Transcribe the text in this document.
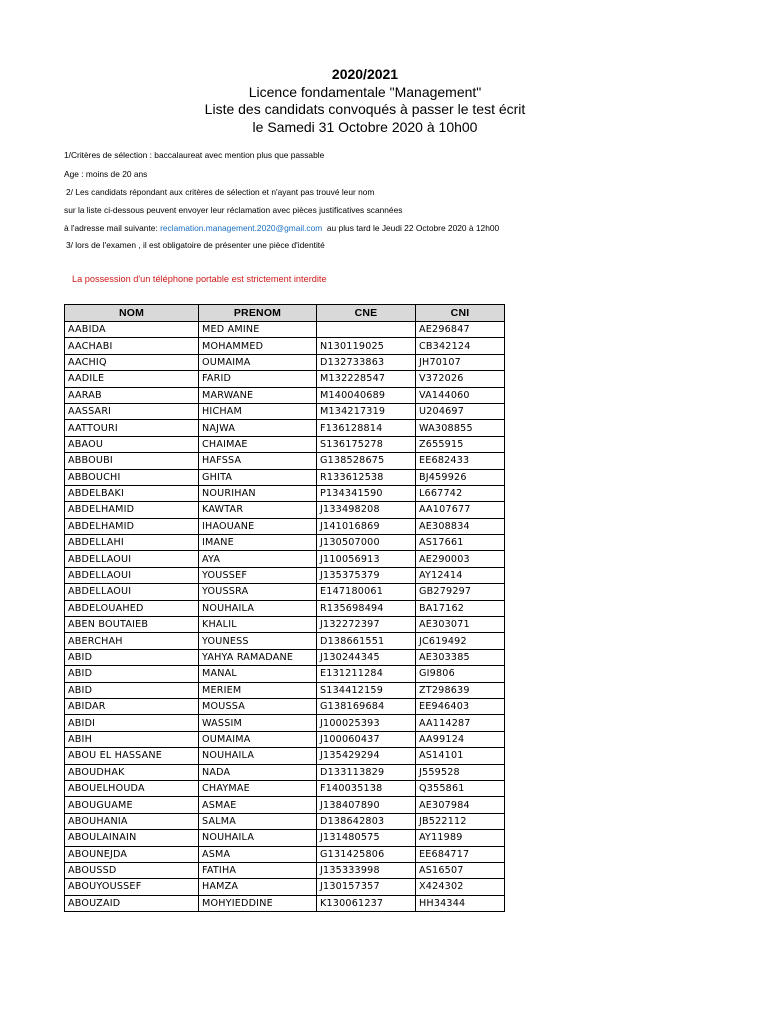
2020/2021
Licence fondamentale "Management"
Liste des candidats convoqués à passer le test écrit
le Samedi 31 Octobre 2020 à 10h00
1/Critères de sélection : baccalaureat avec mention plus que passable
Age : moins de 20 ans
2/ Les candidats répondant aux critères de sélection et n'ayant pas trouvé leur nom
sur la liste ci-dessous peuvent envoyer leur réclamation avec pièces justificatives scannées
à l'adresse mail suivante: reclamation.management.2020@gmail.com au plus tard le Jeudi 22 Octobre 2020 à 12h00
3/ lors de l'examen , il est obligatoire de présenter une pièce d'identité
La possession d'un téléphone portable est strictement interdite
NOM	PRENOM	CNE	CNI
AABIDA	MED AMINE		AE296847
AACHABI	MOHAMMED	N130119025	CB342124
AACHIQ	OUMAIMA	D132733863	JH70107
AADILE	FARID	M132228547	V372026
AARAB	MARWANE	M140040689	VA144060
AASSARI	HICHAM	M134217319	U204697
AATTOURI	NAJWA	F136128814	WA308855
ABAOU	CHAIMAE	S136175278	Z655915
ABBOUBI	HAFSSA	G138528675	EE682433
ABBOUCHI	GHITA	R133612538	BJ459926
ABDELBAKI	NOURIHAN	P134341590	L667742
ABDELHAMID	KAWTAR	J133498208	AA107677
ABDELHAMID	IHAOUANE	J141016869	AE308834
ABDELLAHI	IMANE	J130507000	AS17661
ABDELLAOUI	AYA	J110056913	AE290003
ABDELLAOUI	YOUSSEF	J135375379	AY12414
ABDELLAOUI	YOUSSRA	E147180061	GB279297
ABDELOUAHED	NOUHAILA	R135698494	BA17162
ABEN BOUTAIEB	KHALIL	J132272397	AE303071
ABERCHAH	YOUNESS	D138661551	JC619492
ABID	YAHYA RAMADANE	J130244345	AE303385
ABID	MANAL	E131211284	GI9806
ABID	MERIEM	S134412159	ZT298639
ABIDAR	MOUSSA	G138169684	EE946403
ABIDI	WASSIM	J100025393	AA114287
ABIH	OUMAIMA	J100060437	AA99124
ABOU EL HASSANE	NOUHAILA	J135429294	AS14101
ABOUDHAK	NADA	D133113829	J559528
ABOUELHOUDA	CHAYMAE	F140035138	Q355861
ABOUGUAME	ASMAE	J138407890	AE307984
ABOUHANIA	SALMA	D138642803	JB522112
ABOULAINAIN	NOUHAILA	J131480575	AY11989
ABOUNEJDA	ASMA	G131425806	EE684717
ABOUSSD	FATIHA	J135333998	AS16507
ABOUYOUSSEF	HAMZA	J130157357	X424302
ABOUZAID	MOHYIEDDINE	K130061237	HH34344
